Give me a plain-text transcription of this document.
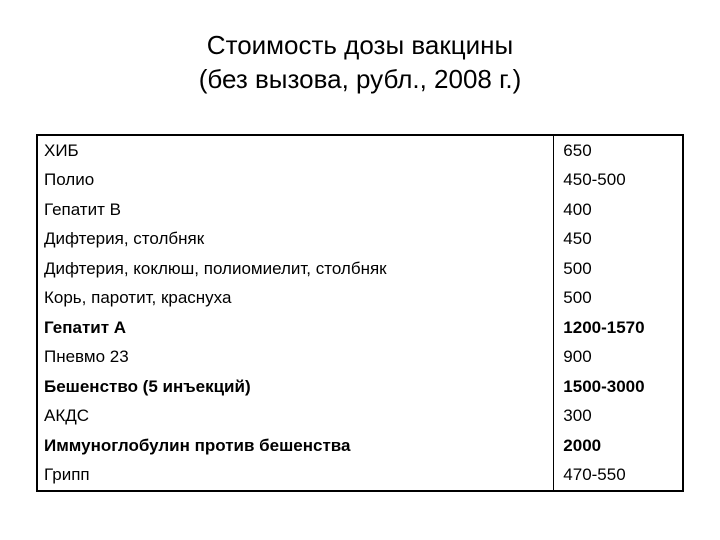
Стоимость дозы вакцины
(без вызова, рубл., 2008 г.)
ХИБ	650
Полио	450-500
Гепатит В	400
Дифтерия, столбняк	450
Дифтерия, коклюш, полиомиелит, столбняк	500
Корь, паротит, краснуха	500
Гепатит А	1200-1570
Пневмо 23	900
Бешенство (5 инъекций)	1500-3000
АКДС	300
Иммуноглобулин против бешенства	2000
Грипп	470-550
